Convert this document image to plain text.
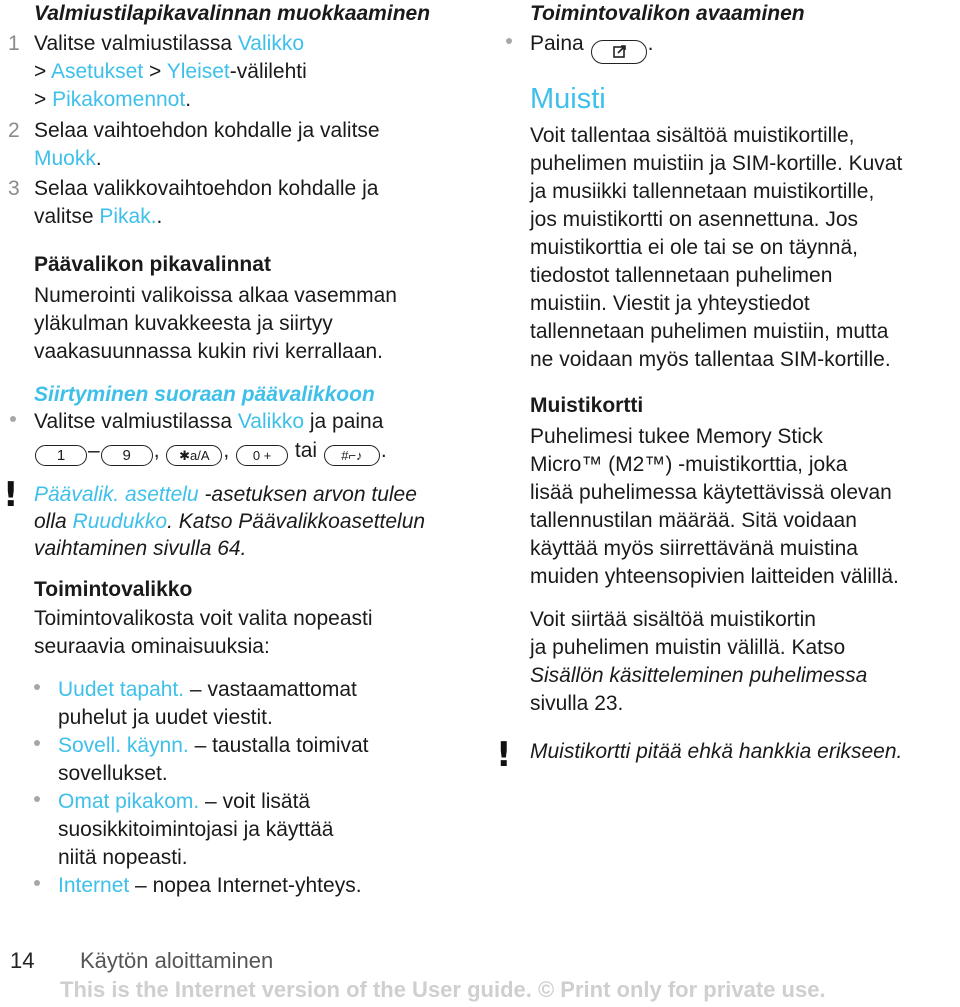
Valmiustilapikavalinnan muokkaaminen
1 Valitse valmiustilassa Valikko
> Asetukset > Yleiset-välilehti
> Pikakomennot.
2 Selaa vaihtoehdon kohdalle ja valitse
Muokk.
3 Selaa valikkovaihtoehdon kohdalle ja
valitse Pikak..
Päävalikon pikavalinnat
Numerointi valikoissa alkaa vasemman
yläkulman kuvakkeesta ja siirtyy
vaakasuunnassa kukin rivi kerrallaan.
Siirtyminen suoraan päävalikkoon
Valitse valmiustilassa Valikko ja paina
1 – 9 , ✱a/A , 0 + tai #⌐♪ .
! Päävalik. asettelu -asetuksen arvon tulee
olla Ruudukko. Katso Päävalikkoasettelun
vaihtaminen sivulla 64.
Toimintovalikko
Toimintovalikosta voit valita nopeasti
seuraavia ominaisuuksia:
Uudet tapaht. – vastaamattomat
puhelut ja uudet viestit.
Sovell. käynn. – taustalla toimivat
sovellukset.
Omat pikakom. – voit lisätä
suosikkitoimintojasi ja käyttää
niitä nopeasti.
Internet – nopea Internet-yhteys.
Toimintovalikon avaaminen
Paina	.
Muisti
Voit tallentaa sisältöä muistikortille,
puhelimen muistiin ja SIM-kortille. Kuvat
ja musiikki tallennetaan muistikortille,
jos muistikortti on asennettuna. Jos
muistikorttia ei ole tai se on täynnä,
tiedostot tallennetaan puhelimen
muistiin. Viestit ja yhteystiedot
tallennetaan puhelimen muistiin, mutta
ne voidaan myös tallentaa SIM-kortille.
Muistikortti
Puhelimesi tukee Memory Stick
Micro™ (M2™) -muistikorttia, joka
lisää puhelimessa käytettävissä olevan
tallennustilan määrää. Sitä voidaan
käyttää myös siirrettävänä muistina
muiden yhteensopivien laitteiden välillä.
Voit siirtää sisältöä muistikortin
ja puhelimen muistin välillä. Katso
Sisällön käsitteleminen puhelimessa
sivulla 23.
! Muistikortti pitää ehkä hankkia erikseen.
14 Käytön aloittaminen
This is the Internet version of the User guide. © Print only for private use.
